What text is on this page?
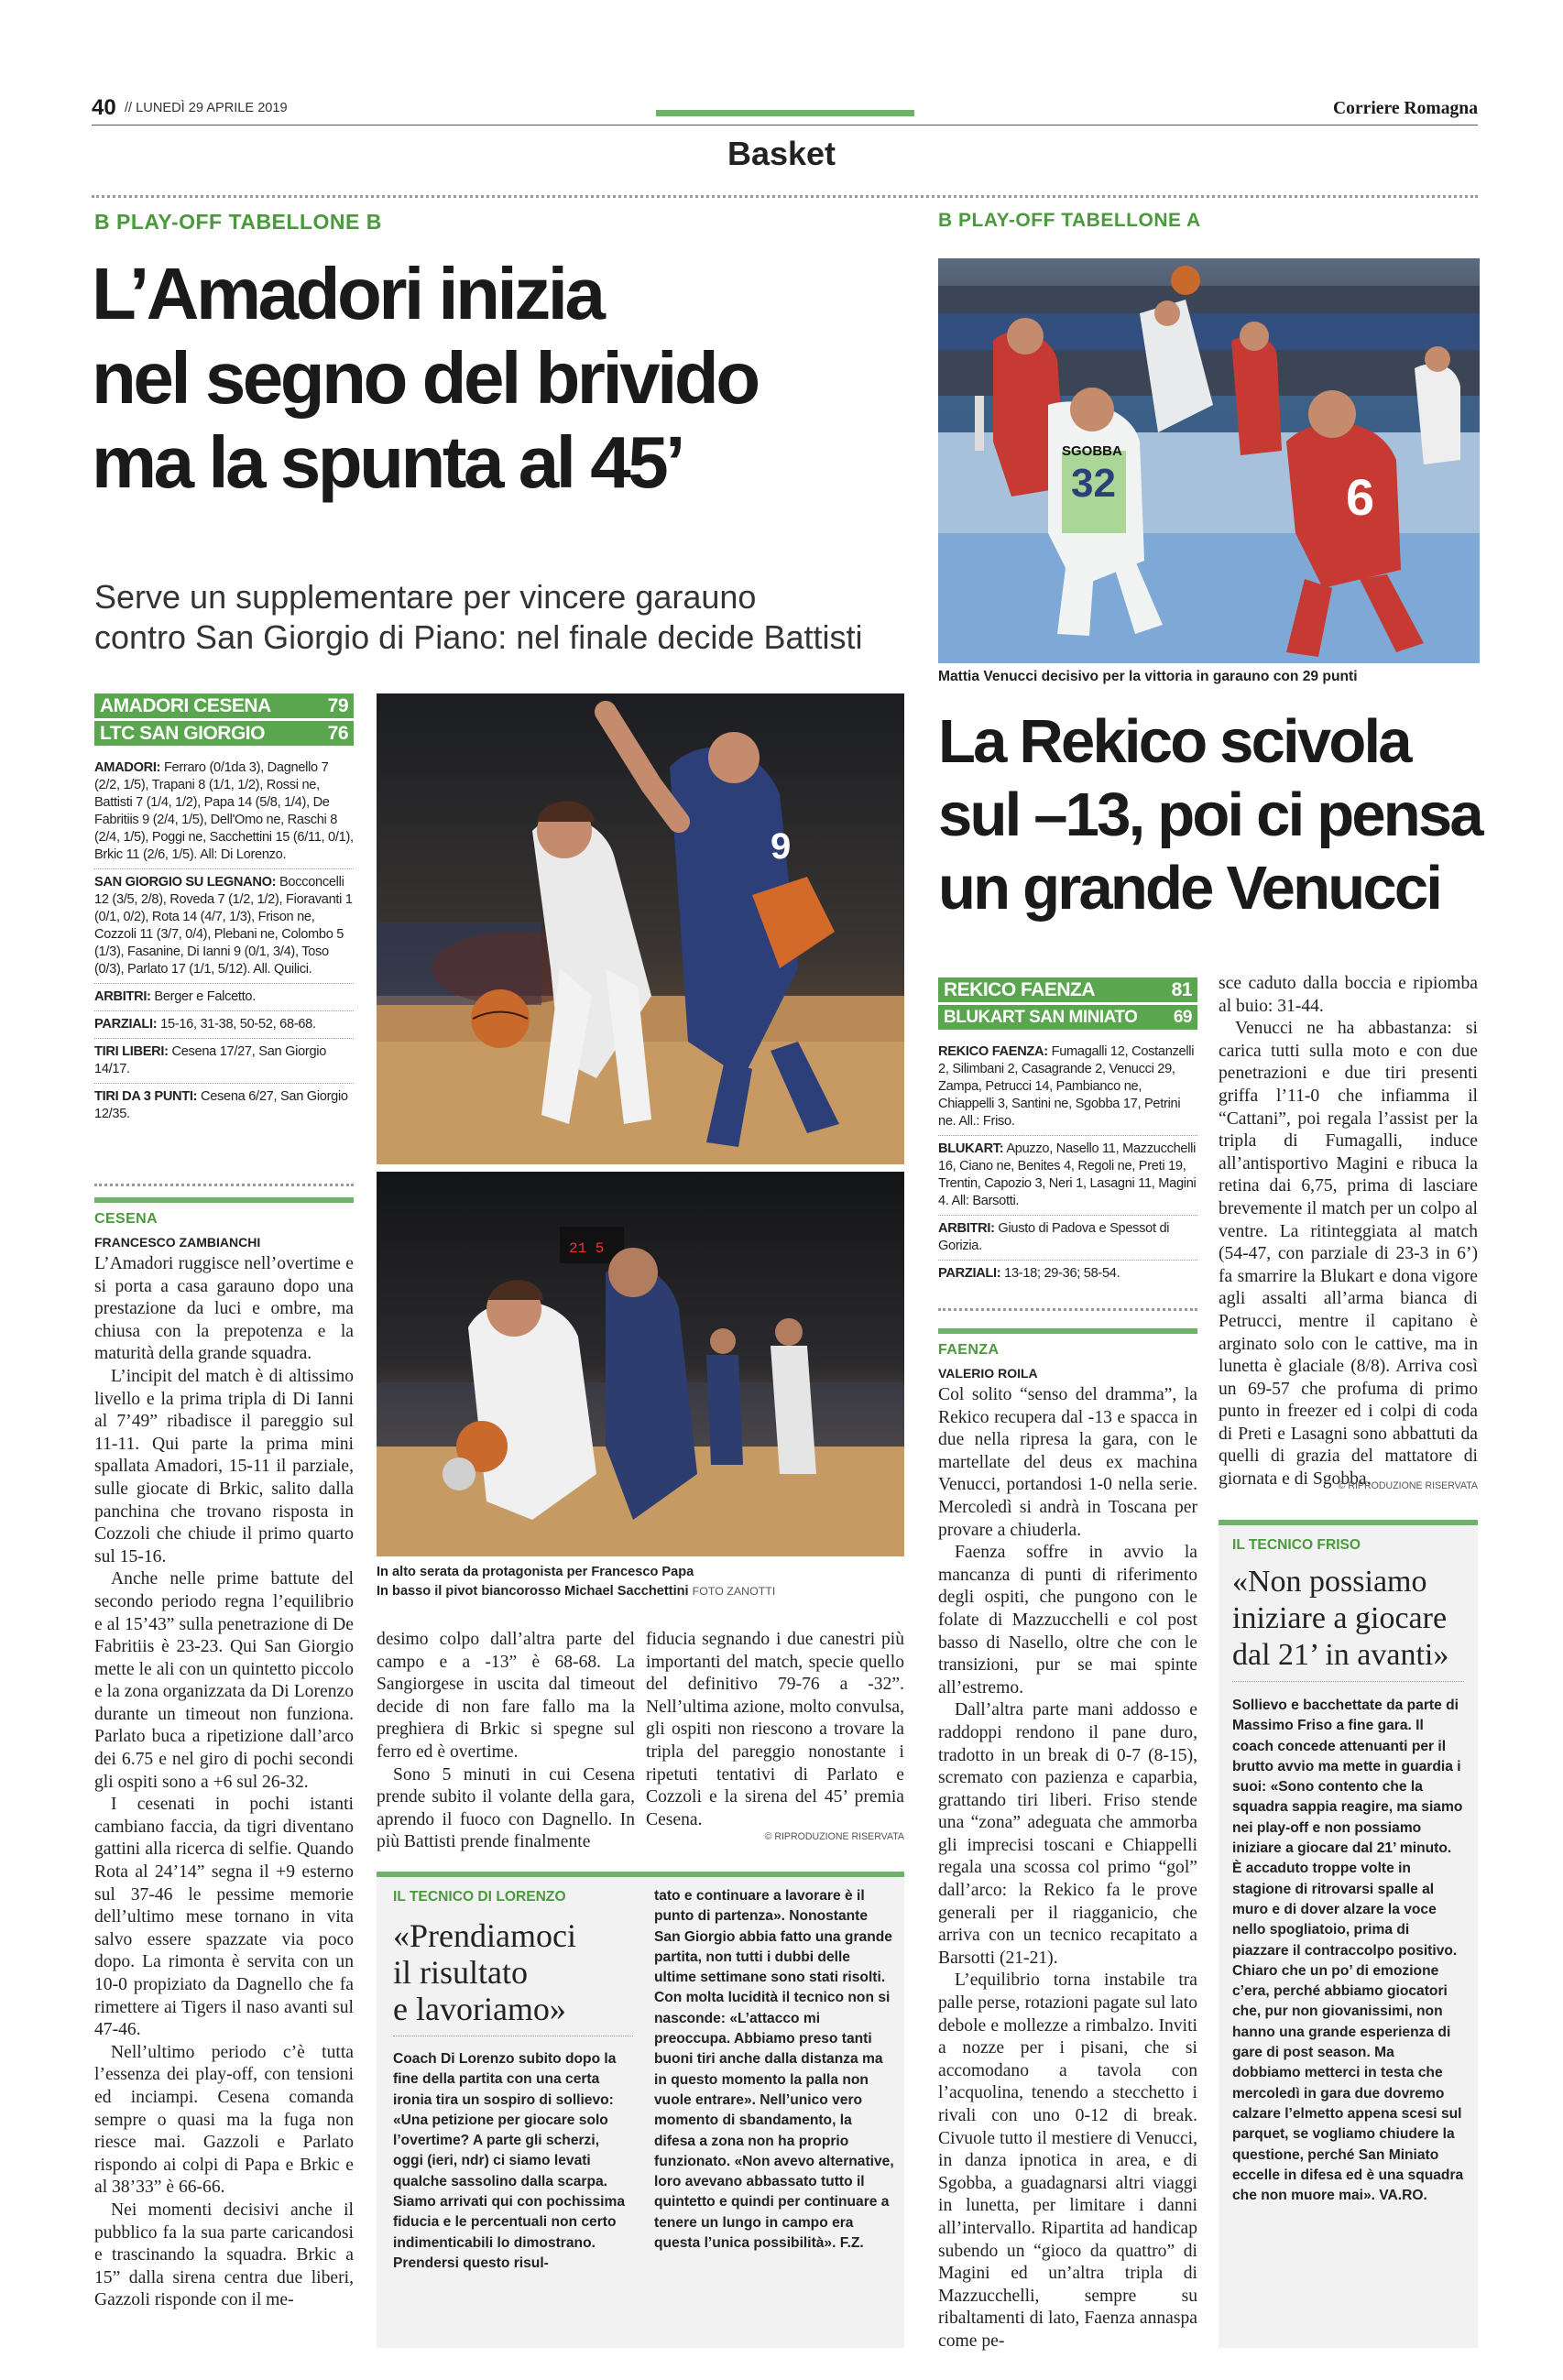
40 // LUNEDÌ 29 APRILE 2019	Corriere Romagna
Basket
B PLAY-OFF TABELLONE B
L’Amadori inizia
nel segno del brivido
ma la spunta al 45’
Serve un supplementare per vincere garauno
contro San Giorgio di Piano: nel finale decide Battisti
AMADORI CESENA	79
LTC SAN GIORGIO	76
AMADORI: Ferraro (0/1da 3), Dagnello 7 (2/2, 1/5), Trapani 8 (1/1, 1/2), Rossi ne, Battisti 7 (1/4, 1/2), Papa 14 (5/8, 1/4), De Fabritiis 9 (2/4, 1/5), Dell'Omo ne, Raschi 8 (2/4, 1/5), Poggi ne, Sacchettini 15 (6/11, 0/1), Brkic 11 (2/6, 1/5). All: Di Lorenzo.
SAN GIORGIO SU LEGNANO: Bocconcelli 12 (3/5, 2/8), Roveda 7 (1/2, 1/2), Fioravanti 1 (0/1, 0/2), Rota 14 (4/7, 1/3), Frison ne, Cozzoli 11 (3/7, 0/4), Plebani ne, Colombo 5 (1/3), Fasanine, Di Ianni 9 (0/1, 3/4), Toso (0/3), Parlato 17 (1/1, 5/12). All. Quilici.
ARBITRI: Berger e Falcetto.
PARZIALI: 15-16, 31-38, 50-52, 68-68.
TIRI LIBERI: Cesena 17/27, San Giorgio 14/17.
TIRI DA 3 PUNTI: Cesena 6/27, San Giorgio 12/35.
CESENA
FRANCESCO ZAMBIANCHI

L’Amadori ruggisce nell’overtime e si porta a casa garauno dopo una prestazione da luci e ombre, ma chiusa con la prepotenza e la maturità della grande squadra.

L’incipit del match è di altissimo livello e la prima tripla di Di Ianni al 7’49” ribadisce il pareggio sul 11-11. Qui parte la prima mini spallata Amadori, 15-11 il parziale, sulle giocate di Brkic, salito dalla panchina che trovano risposta in Cozzoli che chiude il primo quarto sul 15-16.

Anche nelle prime battute del secondo periodo regna l’equilibrio e al 15’43” sulla penetrazione di De Fabritiis è 23-23. Qui San Giorgio mette le ali con un quintetto piccolo e la zona organizzata da Di Lorenzo durante un timeout non funziona. Parlato buca a ripetizione dall’arco dei 6.75 e nel giro di pochi secondi gli ospiti sono a +6 sul 26-32.

I cesenati in pochi istanti cambiano faccia, da tigri diventano gattini alla ricerca di selfie. Quando Rota al 24’14” segna il +9 esterno sul 37-46 le pessime memorie dell’ultimo mese tornano in vita salvo essere spazzate via poco dopo. La rimonta è servita con un 10-0 propiziato da Dagnello che fa rimettere ai Tigers il naso avanti sul 47-46.

Nell’ultimo periodo c’è tutta l’essenza dei play-off, con tensioni ed inciampi. Cesena comanda sempre o quasi ma la fuga non riesce mai. Gazzoli e Parlato rispondo ai colpi di Papa e Brkic e al 38’33” è 66-66.

Nei momenti decisivi anche il pubblico fa la sua parte caricandosi e trascinando la squadra. Brkic a 15” dalla sirena centra due liberi, Gazzoli risponde con il me-

9
21 5
In alto serata da protagonista per Francesco Papa
In basso il pivot biancorosso Michael Sacchettini FOTO ZANOTTI

desimo colpo dall’altra parte del campo e a -13” è 68-68. La Sangiorgese in uscita dal timeout decide di non fare fallo ma la preghiera di Brkic si spegne sul ferro ed è overtime.

Sono 5 minuti in cui Cesena prende subito il volante della gara, aprendo il fuoco con Dagnello. In più Battisti prende finalmente

fiducia segnando i due canestri più importanti del match, specie quello del definitivo 79-76 a -32”. Nell’ultima azione, molto convulsa, gli ospiti non riescono a trovare la tripla del pareggio nonostante i ripetuti tentativi di Parlato e Cozzoli e la sirena del 45’ premia Cesena.

© RIPRODUZIONE RISERVATA
IL TECNICO DI LORENZO
«Prendiamoci
il risultato
e lavoriamo»
Coach Di Lorenzo subito dopo la fine della partita con una certa ironia tira un sospiro di sollievo: «Una petizione per giocare solo l’overtime? A parte gli scherzi, oggi (ieri, ndr) ci siamo levati qualche sassolino dalla scarpa. Siamo arrivati qui con pochissima fiducia e le percentuali non certo indimenticabili lo dimostrano. Prendersi questo risul-
tato e continuare a lavorare è il punto di partenza». Nonostante San Giorgio abbia fatto una grande partita, non tutti i dubbi delle ultime settimane sono stati risolti. Con molta lucidità il tecnico non si nasconde: «L’attacco mi preoccupa. Abbiamo preso tanti buoni tiri anche dalla distanza ma in questo momento la palla non vuole entrare». Nell’unico vero momento di sbandamento, la difesa a zona non ha proprio funzionato. «Non avevo alternative, loro avevano abbassato tutto il quintetto e quindi per continuare a tenere un lungo in campo era questa l’unica possibilità». F.Z.
B PLAY-OFF TABELLONE A
SGOBBA
32	6
Mattia Venucci decisivo per la vittoria in garauno con 29 punti
La Rekico scivola
sul –13, poi ci pensa
un grande Venucci
REKICO FAENZA	81
BLUKART SAN MINIATO 69
REKICO FAENZA: Fumagalli 12, Costanzelli 2, Silimbani 2, Casagrande 2, Venucci 29, Zampa, Petrucci 14, Pambianco ne, Chiappelli 3, Santini ne, Sgobba 17, Petrini ne. All.: Friso.
BLUKART: Apuzzo, Nasello 11, Mazzucchelli 16, Ciano ne, Benites 4, Regoli ne, Preti 19, Trentin, Capozio 3, Neri 1, Lasagni 11, Magini 4. All: Barsotti.
ARBITRI: Giusto di Padova e Spessot di Gorizia.
PARZIALI: 13-18; 29-36; 58-54.
FAENZA
VALERIO ROILA

Col solito “senso del dramma”, la Rekico recupera dal -13 e spacca in due nella ripresa la gara, con le martellate del deus ex machina Venucci, portandosi 1-0 nella serie. Mercoledì si andrà in Toscana per provare a chiuderla.

Faenza soffre in avvio la mancanza di punti di riferimento degli ospiti, che pungono con le folate di Mazzucchelli e col post basso di Nasello, oltre che con le transizioni, pur se mai spinte all’estremo.

Dall’altra parte mani addosso e raddoppi rendono il pane duro, tradotto in un break di 0-7 (8-15), scremato con pazienza e caparbia, grattando tiri liberi. Friso stende una “zona” adeguata che ammorba gli imprecisi toscani e Chiappelli regala una scossa col primo “gol” dall’arco: la Rekico fa le prove generali per il riagganicio, che arriva con un tecnico recapitato a Barsotti (21-21).

L’equilibrio torna instabile tra palle perse, rotazioni pagate sul lato debole e mollezze a rimbalzo. Inviti a nozze per i pisani, che si accomodano a tavola con l’acquolina, tenendo a stecchetto i rivali con uno 0-12 di break. Civuole tutto il mestiere di Venucci, in danza ipnotica in area, e di Sgobba, a guadagnarsi altri viaggi in lunetta, per limitare i danni all’intervallo. Ripartita ad handicap subendo un “gioco da quattro” di Magini ed un’altra tripla di Mazzucchelli, sempre su ribaltamenti di lato, Faenza annaspa come pe-

sce caduto dalla boccia e ripiomba al buio: 31-44.

Venucci ne ha abbastanza: si carica tutti sulla moto e con due penetrazioni e due tiri presenti griffa l’11-0 che infiamma il “Cattani”, poi regala l’assist per la tripla di Fumagalli, induce all’antisportivo Magini e ribuca la retina dai 6,75, prima di lasciare brevemente il match per un colpo al ventre. La ritinteggiata al match (54-47, con parziale di 23-3 in 6’) fa smarrire la Blukart e dona vigore agli assalti all’arma bianca di Petrucci, mentre il capitano è arginato solo con le cattive, ma in lunetta è glaciale (8/8). Arriva così un 69-57 che profuma di primo punto in freezer ed i colpi di coda di Preti e Lasagni sono abbattuti da quelli di grazia del mattatore di giornata e di Sgobba.

© RIPRODUZIONE RISERVATA
IL TECNICO FRISO
«Non possiamo
iniziare a giocare
dal 21’ in avanti»
Sollievo e bacchettate da parte di Massimo Friso a fine gara. Il coach concede attenuanti per il brutto avvio ma mette in guardia i suoi: «Sono contento che la squadra sappia reagire, ma siamo nei play-off e non possiamo iniziare a giocare dal 21’ minuto. È accaduto troppe volte in stagione di ritrovarsi spalle al muro e di dover alzare la voce nello spogliatoio, prima di piazzare il contraccolpo positivo. Chiaro che un po’ di emozione c’era, perché abbiamo giocatori che, pur non giovanissimi, non hanno una grande esperienza di gare di post season. Ma dobbiamo metterci in testa che mercoledì in gara due dovremo calzare l’elmetto appena scesi sul parquet, se vogliamo chiudere la questione, perché San Miniato eccelle in difesa ed è una squadra che non muore mai». VA.RO.
